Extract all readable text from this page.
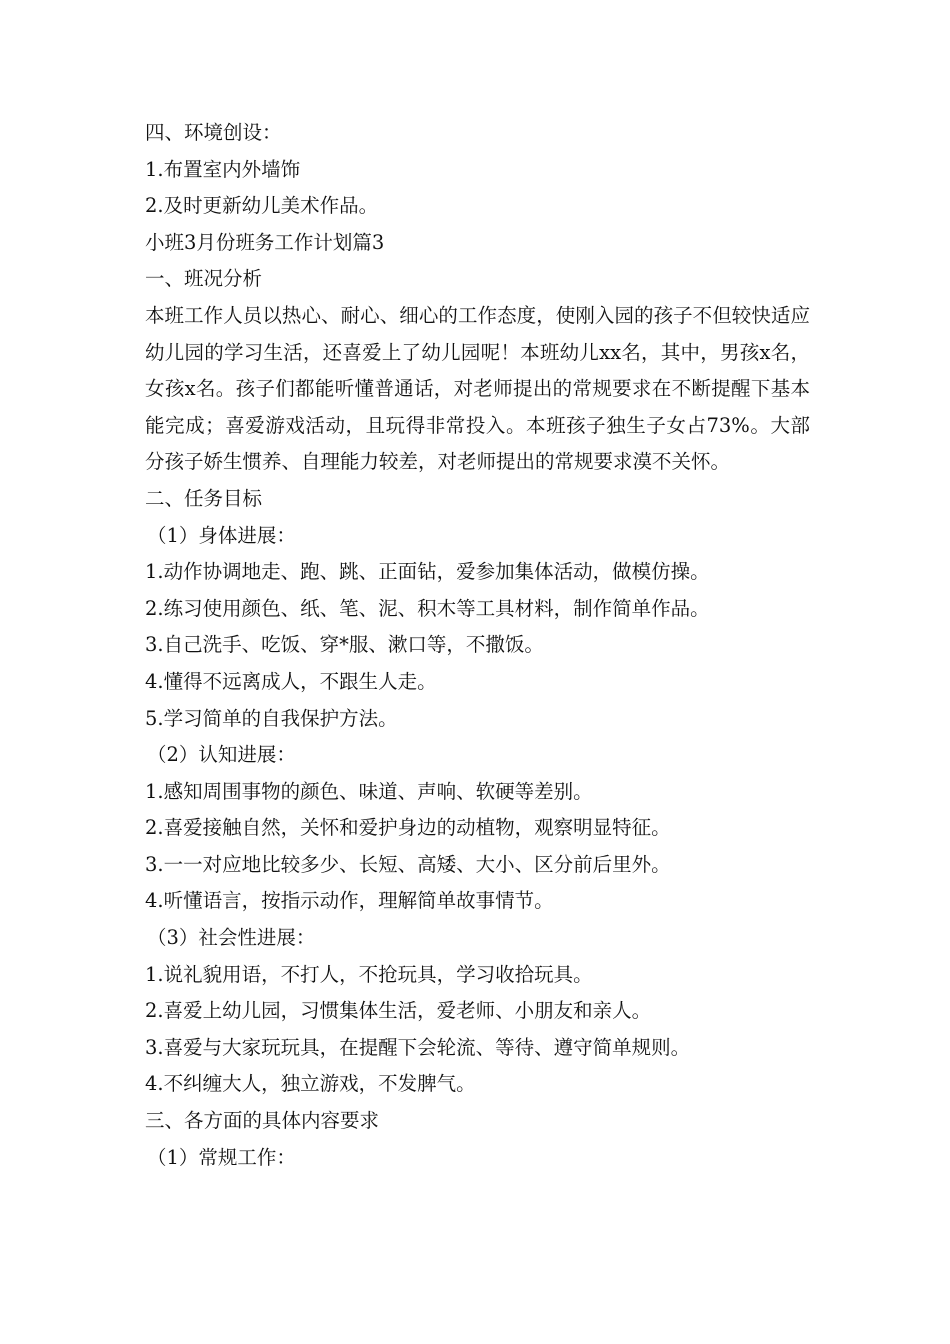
四、环境创设：
1.布置室内外墙饰
2.及时更新幼儿美术作品。
小班3月份班务工作计划篇3
一、班况分析

本班工作人员以热心、耐心、细心的工作态度，使刚入园的孩子不但较快适应幼儿园的学习生活，还喜爱上了幼儿园呢！本班幼儿xx名，其中，男孩x名，女孩x名。孩子们都能听懂普通话，对老师提出的常规要求在不断提醒下基本能完成；喜爱游戏活动，且玩得非常投入。本班孩子独生子女占73%。大部分孩子娇生惯养、自理能力较差，对老师提出的常规要求漠不关怀。

二、任务目标
（1）身体进展：
1.动作协调地走、跑、跳、正面钻，爱参加集体活动，做模仿操。
2.练习使用颜色、纸、笔、泥、积木等工具材料，制作简单作品。
3.自己洗手、吃饭、穿*服、漱口等，不撒饭。
4.懂得不远离成人，不跟生人走。
5.学习简单的自我保护方法。
（2）认知进展：
1.感知周围事物的颜色、味道、声响、软硬等差别。
2.喜爱接触自然，关怀和爱护身边的动植物，观察明显特征。
3.一一对应地比较多少、长短、高矮、大小、区分前后里外。
4.听懂语言，按指示动作，理解简单故事情节。
（3）社会性进展：
1.说礼貌用语，不打人，不抢玩具，学习收拾玩具。
2.喜爱上幼儿园，习惯集体生活，爱老师、小朋友和亲人。
3.喜爱与大家玩玩具，在提醒下会轮流、等待、遵守简单规则。
4.不纠缠大人，独立游戏，不发脾气。
三、各方面的具体内容要求
（1）常规工作：
